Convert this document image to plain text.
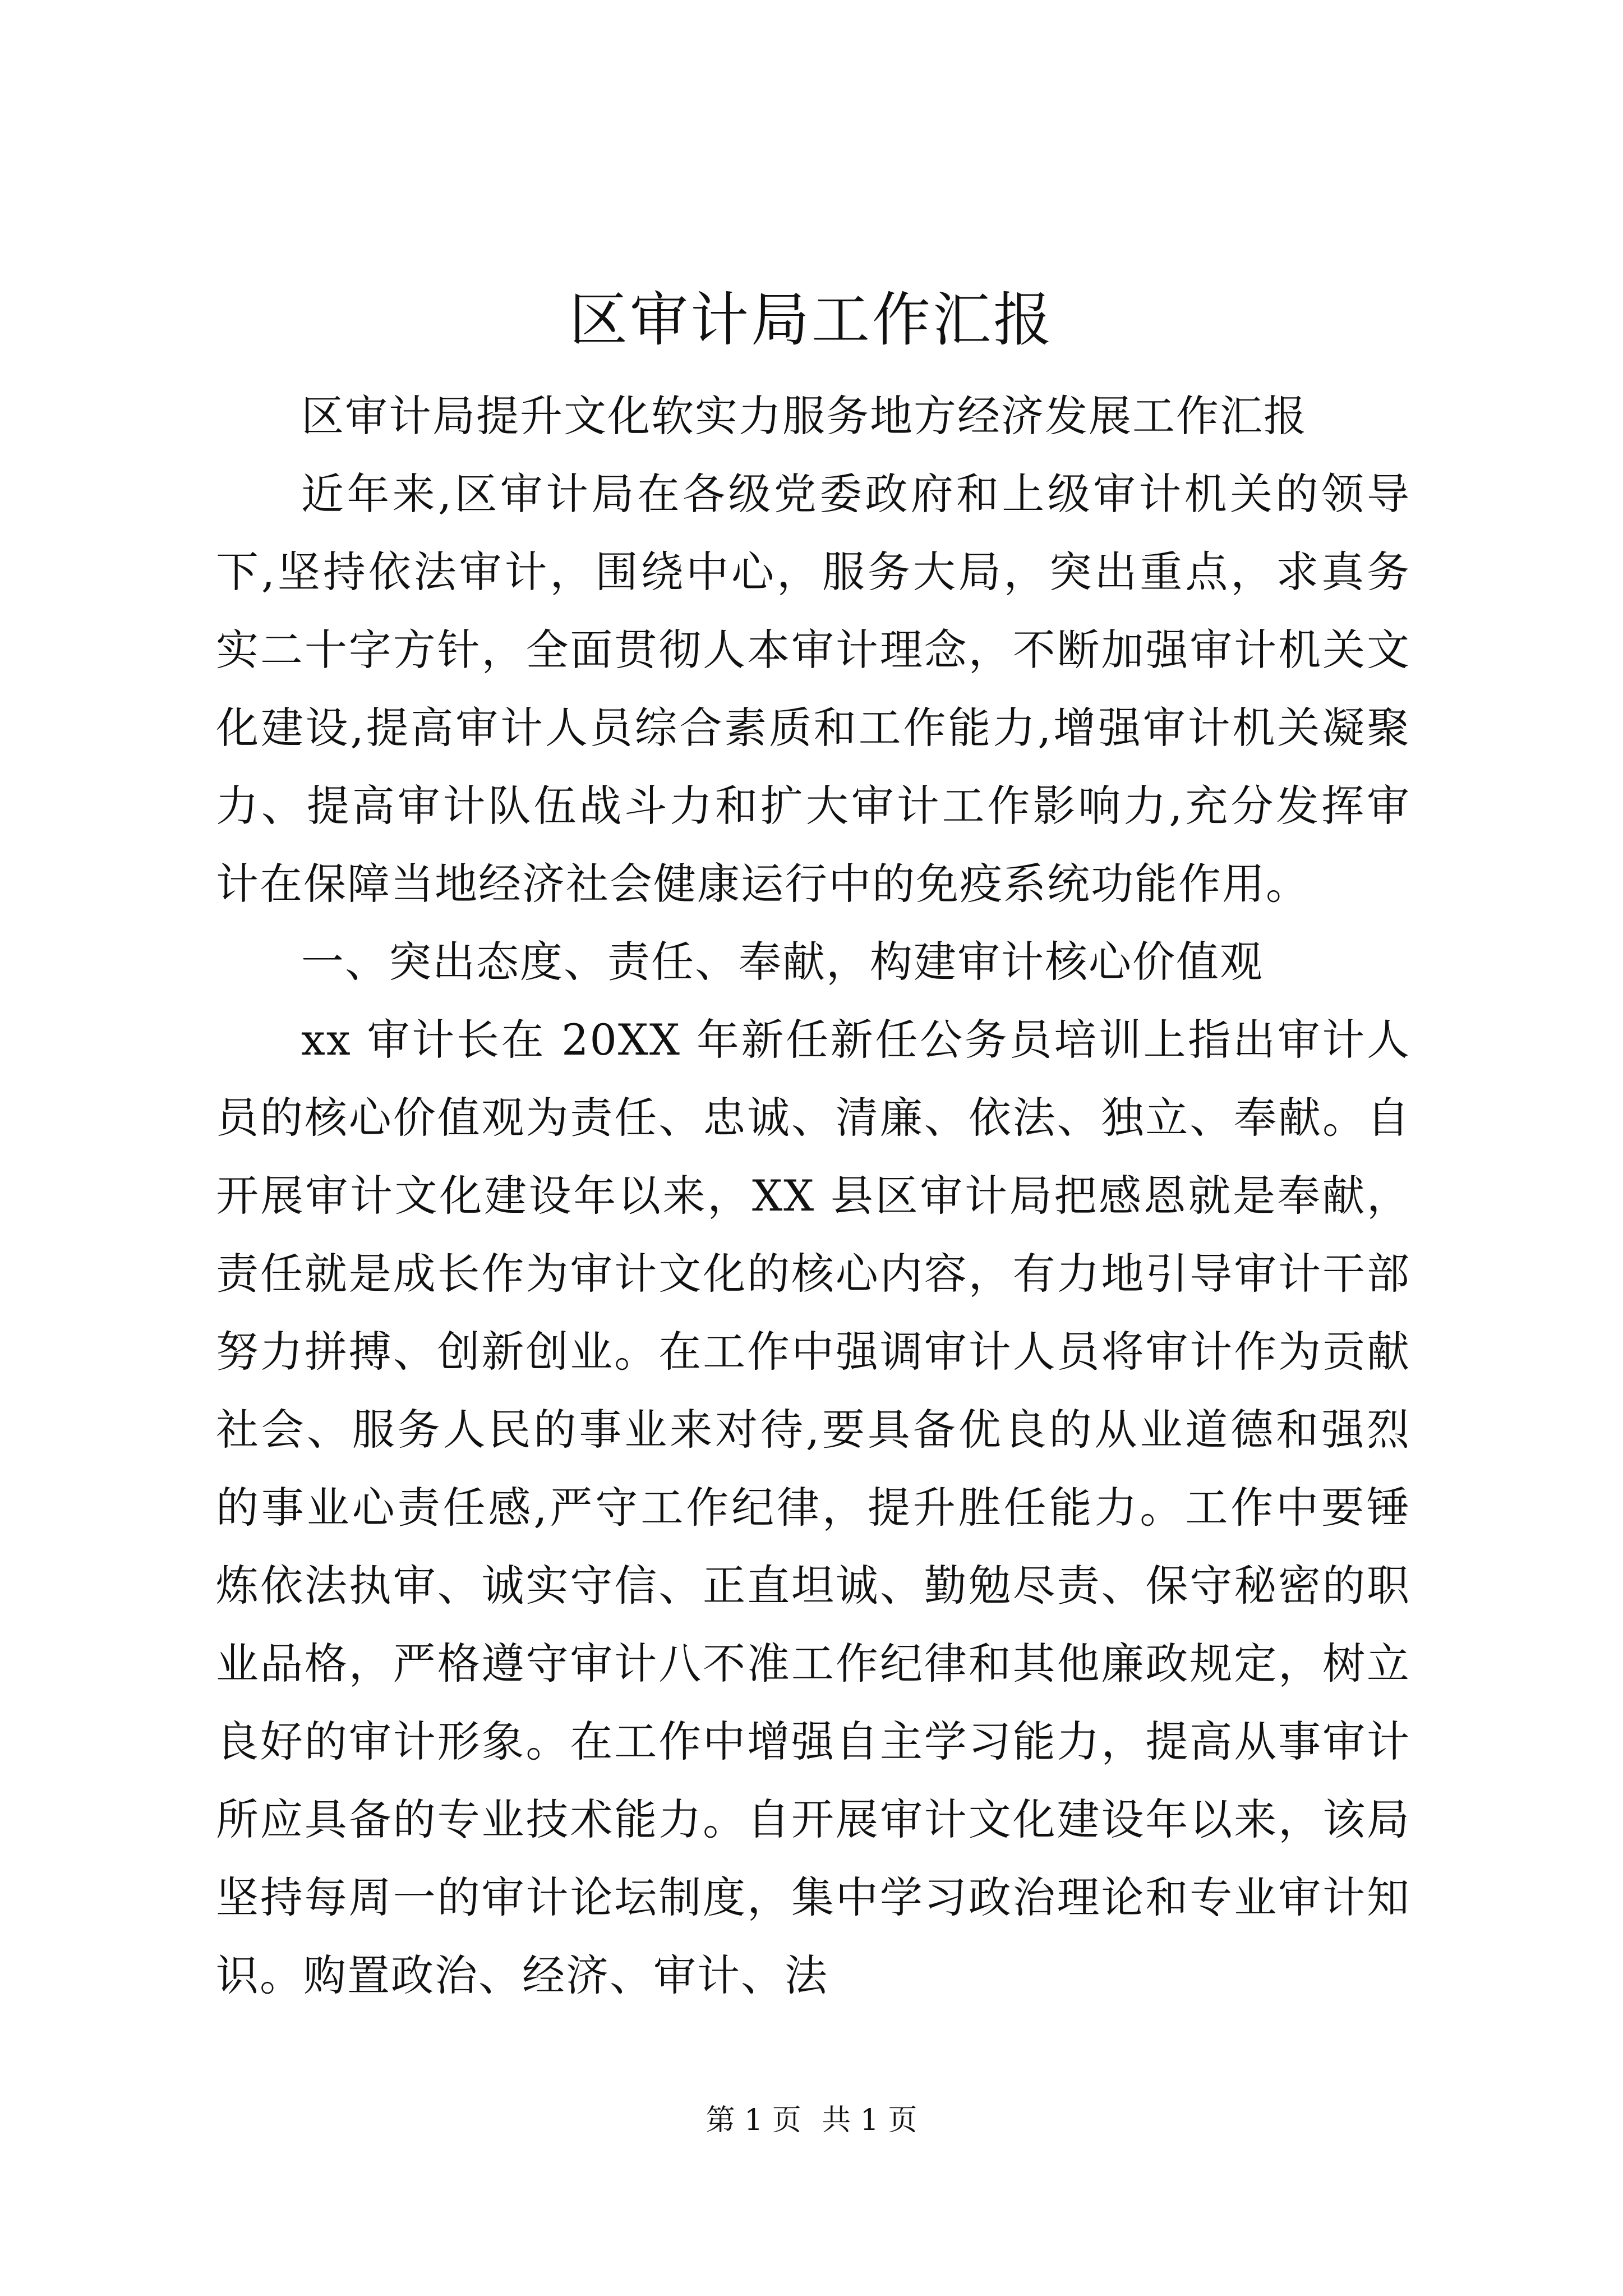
区审计局工作汇报

区审计局提升文化软实力服务地方经济发展工作汇报

近年来,区审计局在各级党委政府和上级审计机关的领导下,坚持依法审计，围绕中心，服务大局，突出重点，求真务实二十字方针，全面贯彻人本审计理念，不断加强审计机关文化建设,提高审计人员综合素质和工作能力,增强审计机关凝聚力、提高审计队伍战斗力和扩大审计工作影响力,充分发挥审计在保障当地经济社会健康运行中的免疫系统功能作用。

一、突出态度、责任、奉献，构建审计核心价值观

xx 审计长在 20XX 年新任新任公务员培训上指出审计人员的核心价值观为责任、忠诚、清廉、依法、独立、奉献。自开展审计文化建设年以来，XX 县区审计局把感恩就是奉献，责任就是成长作为审计文化的核心内容，有力地引导审计干部努力拼搏、创新创业。在工作中强调审计人员将审计作为贡献社会、服务人民的事业来对待,要具备优良的从业道德和强烈的事业心责任感,严守工作纪律，提升胜任能力。工作中要锤炼依法执审、诚实守信、正直坦诚、勤勉尽责、保守秘密的职业品格，严格遵守审计八不准工作纪律和其他廉政规定，树立良好的审计形象。在工作中增强自主学习能力，提高从事审计所应具备的专业技术能力。自开展审计文化建设年以来，该局坚持每周一的审计论坛制度，集中学习政治理论和专业审计知识。购置政治、经济、审计、法

第 1 页 共 1 页
